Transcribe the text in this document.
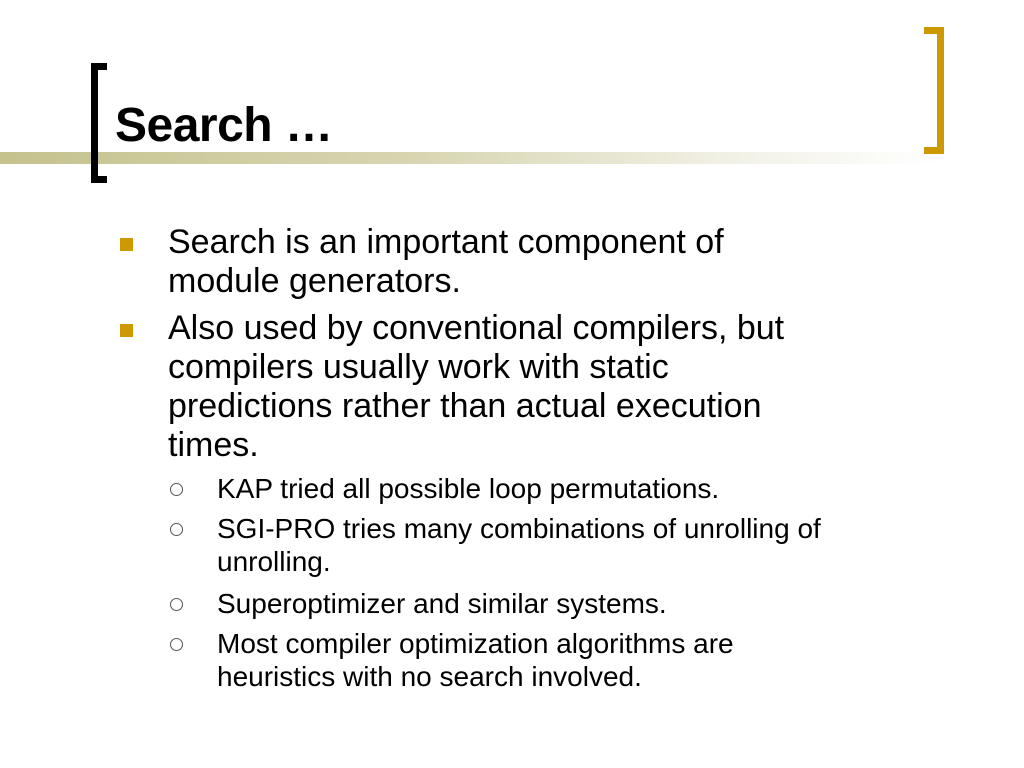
Search …
Search is an important component of
module generators.
Also used by conventional compilers, but
compilers usually work with static
predictions rather than actual execution
times.
KAP tried all possible loop permutations.
SGI-PRO tries many combinations of unrolling of
unrolling.
Superoptimizer and similar systems.
Most compiler optimization algorithms are
heuristics with no search involved.
